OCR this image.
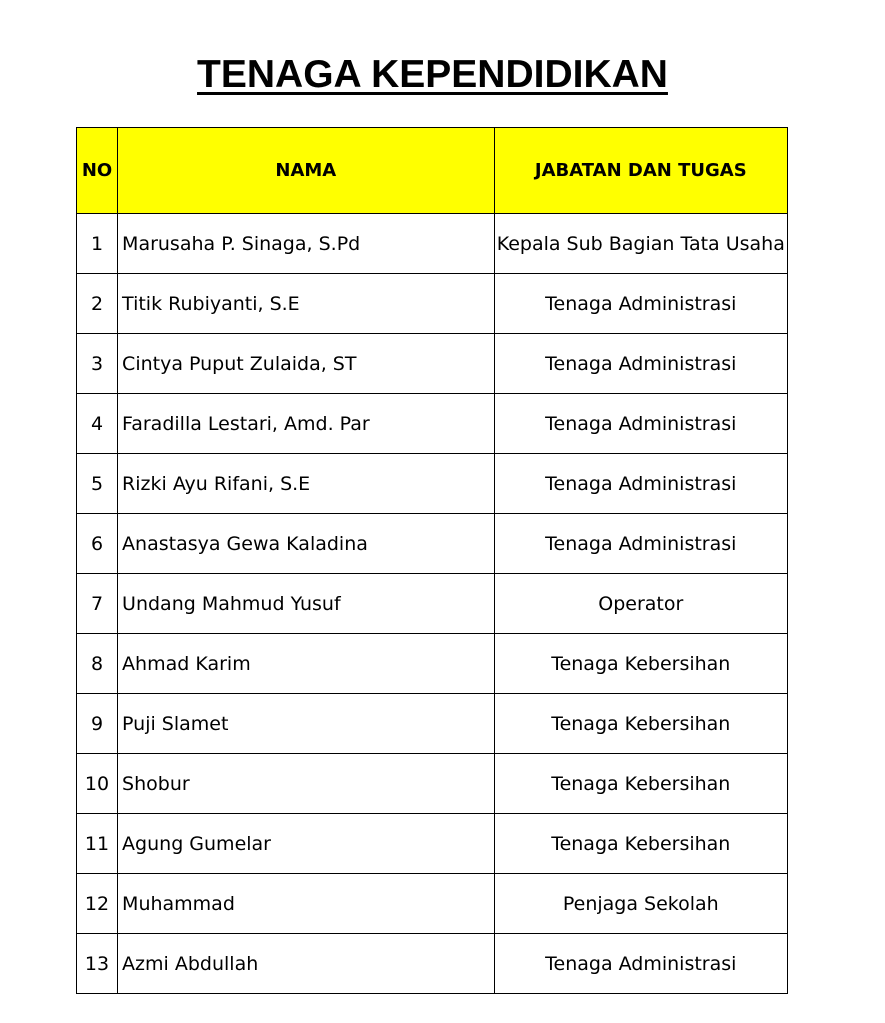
TENAGA KEPENDIDIKAN
NO	NAMA	JABATAN DAN TUGAS
1	Marusaha P. Sinaga, S.Pd	Kepala Sub Bagian Tata Usaha
2	Titik Rubiyanti, S.E	Tenaga Administrasi
3	Cintya Puput Zulaida, ST	Tenaga Administrasi
4	Faradilla Lestari, Amd. Par	Tenaga Administrasi
5	Rizki Ayu Rifani, S.E	Tenaga Administrasi
6	Anastasya Gewa Kaladina	Tenaga Administrasi
7	Undang Mahmud Yusuf	Operator
8	Ahmad Karim	Tenaga Kebersihan
9	Puji Slamet	Tenaga Kebersihan
10	Shobur	Tenaga Kebersihan
11	Agung Gumelar	Tenaga Kebersihan
12	Muhammad	Penjaga Sekolah
13	Azmi Abdullah	Tenaga Administrasi
